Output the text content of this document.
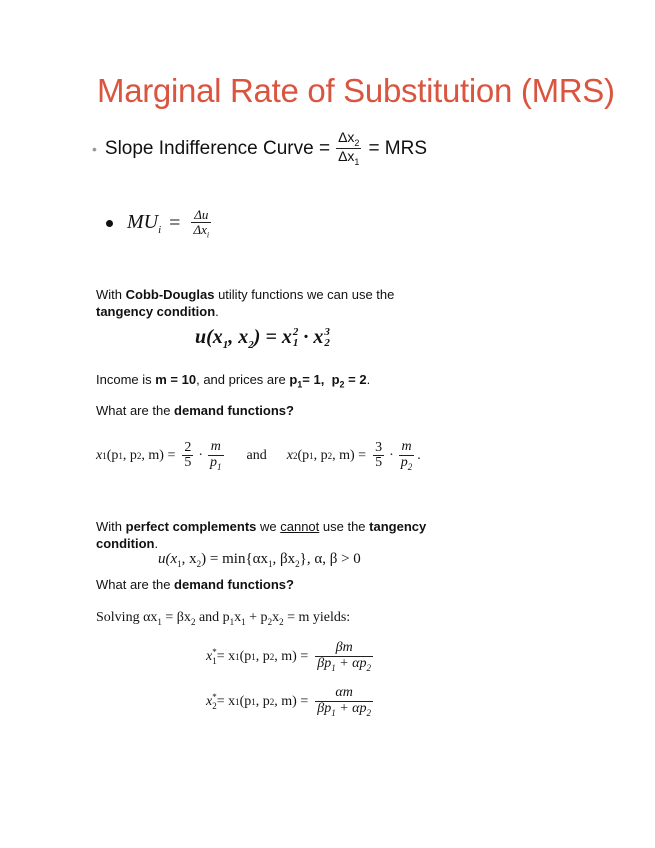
Marginal Rate of Substitution (MRS)
• Slope Indifference Curve = $\frac{\Delta x_2}{\Delta x_1}$ = MRS
$MU_i = \frac{\Delta u}{\Delta x_i}$
With Cobb-Douglas utility functions we can use the
tangency condition.
$u(x_1$, $x_2) = x$ 2
1 · x 3
2
Income is m = 10, and prices are $p_1= 1$, $p_2 = 2$.
What are the demand functions?
x 1 (p 1 , p 2 , $m) = \frac{2}{5} \cdot \frac{m}{p_1}$ and x 2 (p 1 , p 2 , $m) = \frac{3}{5} \cdot \frac{m}{p_2}$ .
With perfect complements we cannot use the tangency
condition.
$u(x_1$, $x_2) = \min\{\alpha x_1$, $\beta x_2$}, α, β > 0
What are the demand functions?
Solving $\alpha x_1 = \beta x_2$ and $p_1x_1 + p_2x_2 = m$ yields:
x *
1 = x 1 (p 1 , p 2 , $m) = \frac{\beta m}{\beta p_1 + \alpha p_2}$
x *
2 = x 1 (p 1 , p 2 , $m) = \frac{\alpha m}{\beta p_1 + \alpha p_2}$
